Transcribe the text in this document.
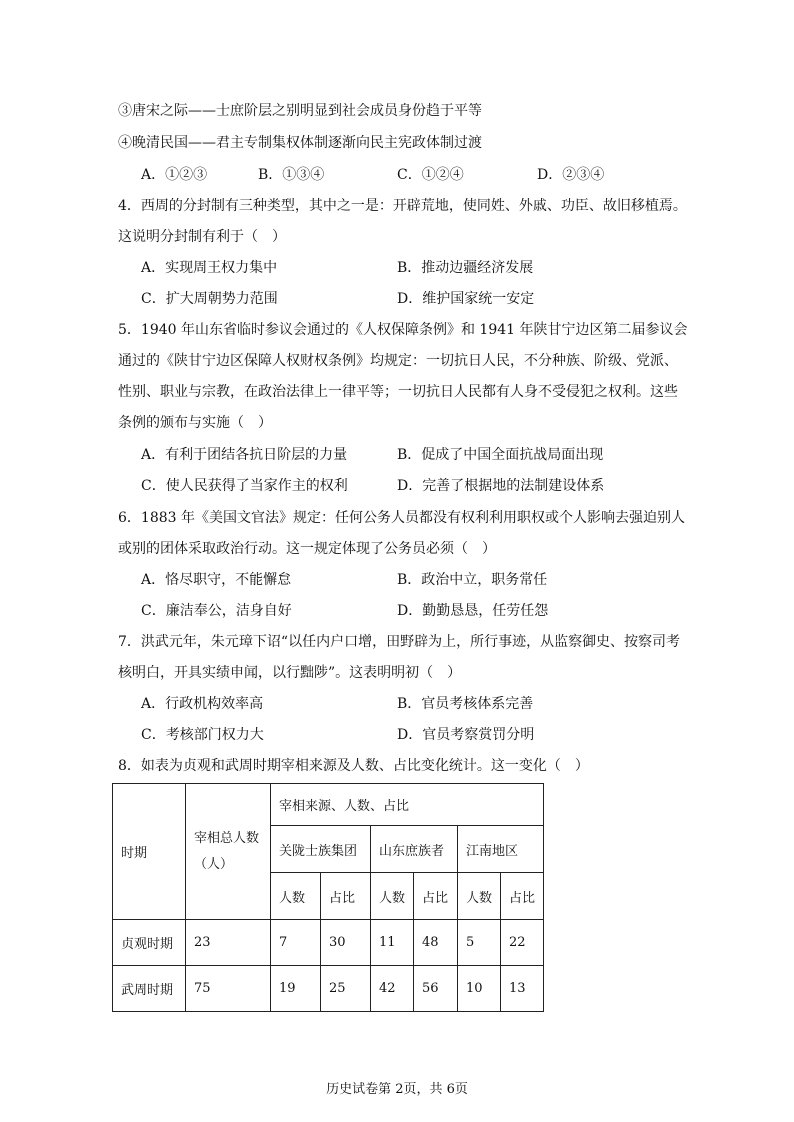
③唐宋之际——士庶阶层之别明显到社会成员身份趋于平等
④晚清民国——君主专制集权体制逐渐向民主宪政体制过渡
A．①②③	B．①③④	C．①②④	D．②③④
4．西周的分封制有三种类型，其中之一是：开辟荒地，使同姓、外戚、功臣、故旧移植焉。
这说明分封制有利于（　）
A．实现周王权力集中	B．推动边疆经济发展
C．扩大周朝势力范围	D．维护国家统一安定
5．1940 年山东省临时参议会通过的《人权保障条例》和 1941 年陕甘宁边区第二届参议会
通过的《陕甘宁边区保障人权财权条例》均规定：一切抗日人民，不分种族、阶级、党派、
性别、职业与宗教，在政治法律上一律平等；一切抗日人民都有人身不受侵犯之权利。这些
条例的颁布与实施（　）
A．有利于团结各抗日阶层的力量	B．促成了中国全面抗战局面出现
C．使人民获得了当家作主的权利	D．完善了根据地的法制建设体系
6．1883 年《美国文官法》规定：任何公务人员都没有权利利用职权或个人影响去强迫别人
或别的团体采取政治行动。这一规定体现了公务员必须（　）
A．恪尽职守，不能懈怠	B．政治中立，职务常任
C．廉洁奉公，洁身自好	D．勤勤恳恳，任劳任怨
7．洪武元年，朱元璋下诏“以任内户口增，田野辟为上，所行事迹，从监察御史、按察司考
核明白，开具实绩申闻，以行黜陟”。这表明明初（　）
A．行政机构效率高	B．官员考核体系完善
C．考核部门权力大	D．官员考察赏罚分明
8．如表为贞观和武周时期宰相来源及人数、占比变化统计。这一变化（　）
时期	宰相总人数（人）	宰相来源、人数、占比					
		关陇士族集团		山东庶族者		江南地区	
		人数	占比	人数	占比	人数	占比
贞观时期	23	7	30	11	48	5	22
武周时期	75	19	25	42	56	10	13
历史试卷第 2页，共 6页
